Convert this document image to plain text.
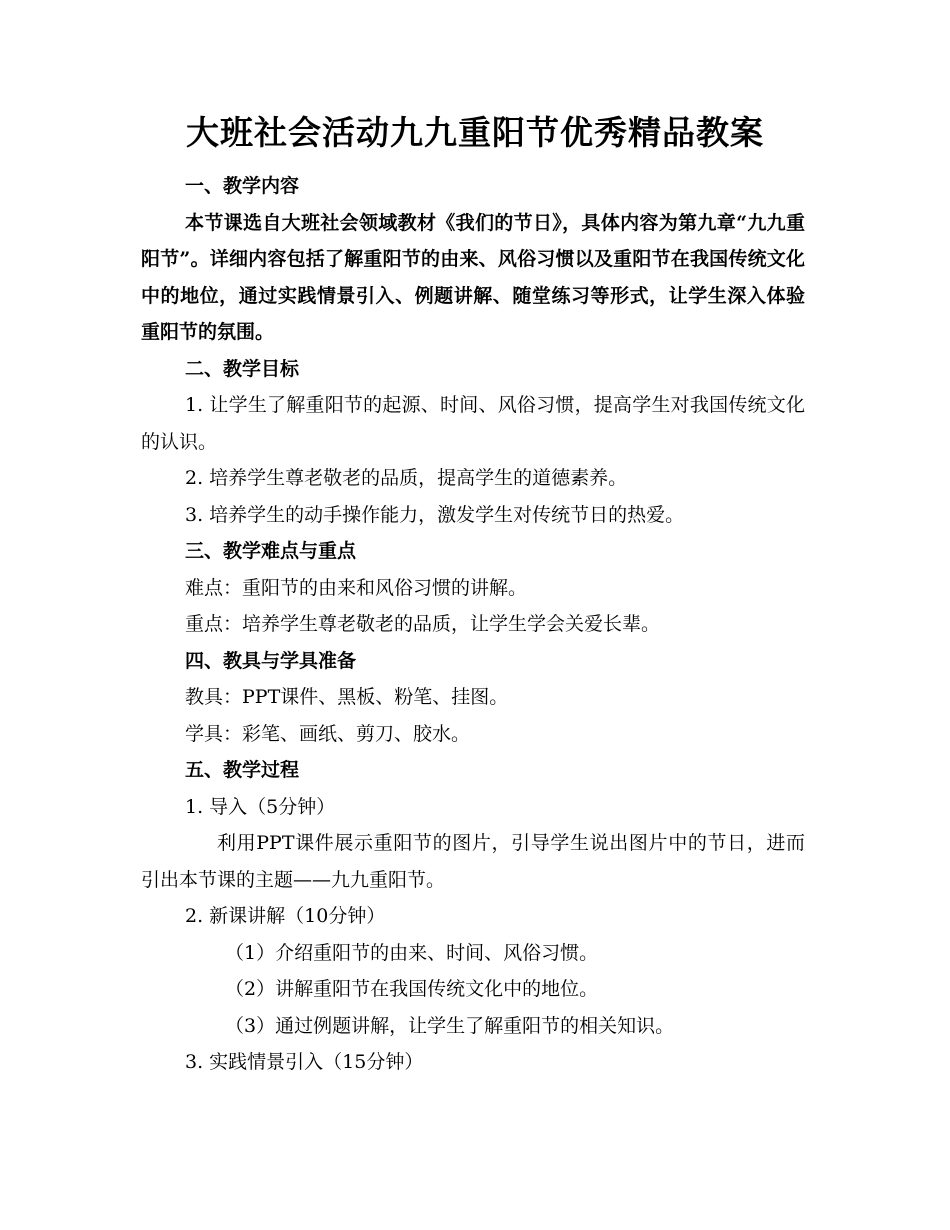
大班社会活动九九重阳节优秀精品教案

一、教学内容

本节课选自大班社会领域教材《我们的节日》，具体内容为第九章“九九重阳节”。详细内容包括了解重阳节的由来、风俗习惯以及重阳节在我国传统文化中的地位，通过实践情景引入、例题讲解、随堂练习等形式，让学生深入体验重阳节的氛围。

二、教学目标

1. 让学生了解重阳节的起源、时间、风俗习惯，提高学生对我国传统文化的认识。

2. 培养学生尊老敬老的品质，提高学生的道德素养。

3. 培养学生的动手操作能力，激发学生对传统节日的热爱。

三、教学难点与重点

难点：重阳节的由来和风俗习惯的讲解。

重点：培养学生尊老敬老的品质，让学生学会关爱长辈。

四、教具与学具准备

教具：PPT课件、黑板、粉笔、挂图。

学具：彩笔、画纸、剪刀、胶水。

五、教学过程

1. 导入（5分钟）

利用PPT课件展示重阳节的图片，引导学生说出图片中的节日，进而引出本节课的主题——九九重阳节。

2. 新课讲解（10分钟）

（1）介绍重阳节的由来、时间、风俗习惯。

（2）讲解重阳节在我国传统文化中的地位。

（3）通过例题讲解，让学生了解重阳节的相关知识。

3. 实践情景引入（15分钟）
